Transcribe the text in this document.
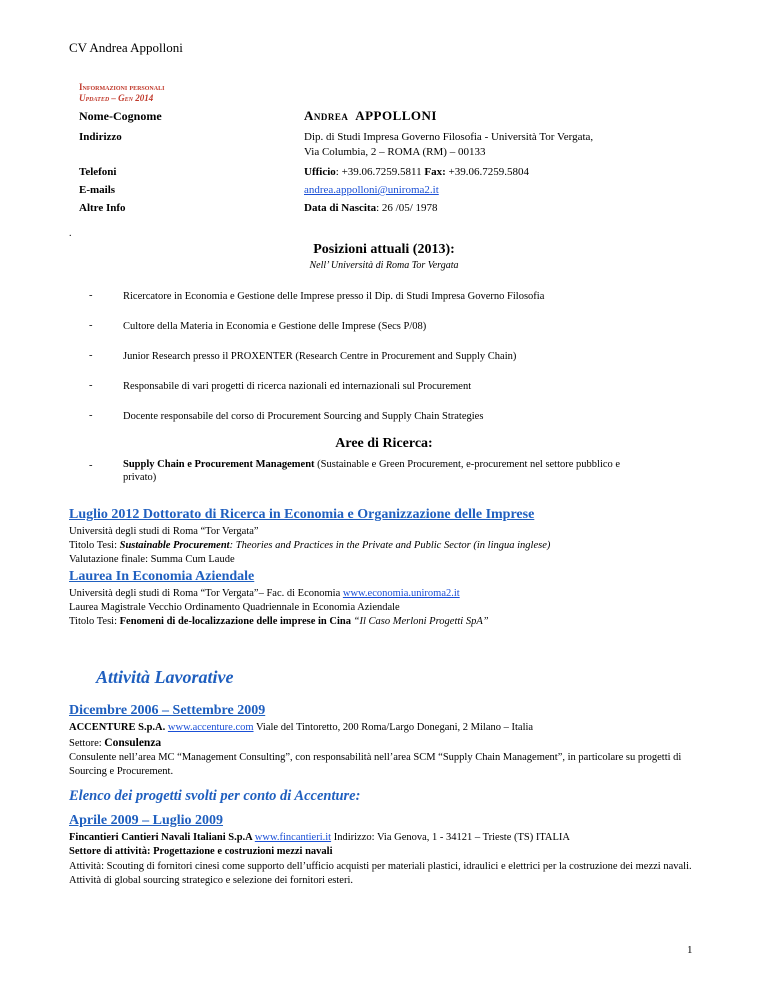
CV Andrea Appolloni
Informazioni personali
Updated – Gen 2014
Nome-Cognome	Andrea APPOLLONI
Indirizzo	Dip. di Studi Impresa Governo Filosofia - Università Tor Vergata,
Via Columbia, 2 – ROMA (RM) – 00133
Telefoni	Ufficio: +39.06.7259.5811 Fax: +39.06.7259.5804
E-mails	andrea.appolloni@uniroma2.it
Altre Info	Data di Nascita: 26 /05/ 1978
.
Posizioni attuali (2013):
Nell’ Università di Roma Tor Vergata
-	Ricercatore in Economia e Gestione delle Imprese presso il Dip. di Studi Impresa Governo Filosofia
-	Cultore della Materia in Economia e Gestione delle Imprese (Secs P/08)
-	Junior Research presso il PROXENTER (Research Centre in Procurement and Supply Chain)
-	Responsabile di vari progetti di ricerca nazionali ed internazionali sul Procurement
-	Docente responsabile del corso di Procurement Sourcing and Supply Chain Strategies
Aree di Ricerca:
-	Supply Chain e Procurement Management (Sustainable e Green Procurement, e-procurement nel settore pubblico e
privato)
Luglio 2012 Dottorato di Ricerca in Economia e Organizzazione delle Imprese
Università degli studi di Roma “Tor Vergata”
Titolo Tesi: Sustainable Procurement: Theories and Practices in the Private and Public Sector (in lingua inglese)
Valutazione finale: Summa Cum Laude
Laurea In Economia Aziendale
Università degli studi di Roma “Tor Vergata”– Fac. di Economia www.economia.uniroma2.it
Laurea Magistrale Vecchio Ordinamento Quadriennale in Economia Aziendale
Titolo Tesi: Fenomeni di de-localizzazione delle imprese in Cina “Il Caso Merloni Progetti SpA”
Attività Lavorative
Dicembre 2006 – Settembre 2009
ACCENTURE S.p.A. www.accenture.com Viale del Tintoretto, 200 Roma/Largo Donegani, 2 Milano – Italia
Settore: Consulenza
Consulente nell’area MC “Management Consulting”, con responsabilità nell’area SCM “Supply Chain Management”, in particolare su progetti di Sourcing e Procurement.
Elenco dei progetti svolti per conto di Accenture:
Aprile 2009 – Luglio 2009
Fincantieri Cantieri Navali Italiani S.p.A www.fincantieri.it Indirizzo: Via Genova, 1 - 34121 – Trieste (TS) ITALIA
Settore di attività: Progettazione e costruzioni mezzi navali
Attività: Scouting di fornitori cinesi come supporto dell’ufficio acquisti per materiali plastici, idraulici e elettrici per la costruzione dei mezzi navali. Attività di global sourcing strategico e selezione dei fornitori esteri.
1
